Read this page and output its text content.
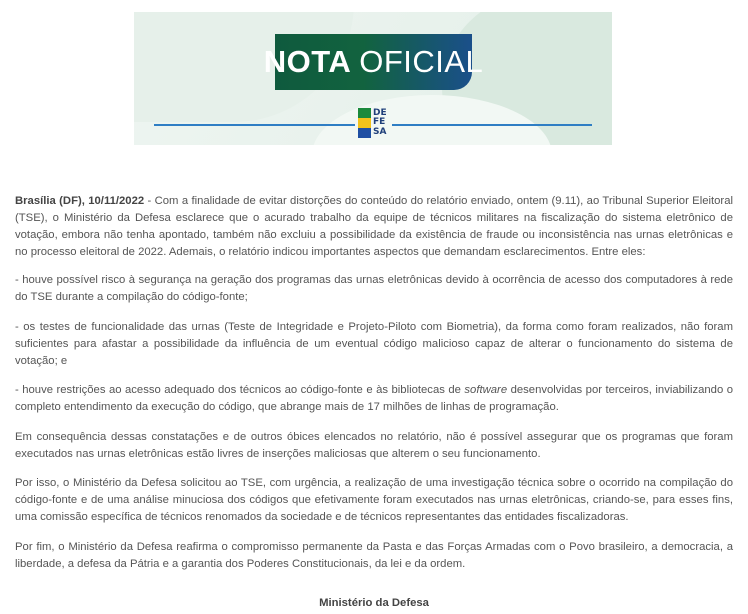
NOTA OFICIAL
DE
FE
SA

Brasília (DF), 10/11/2022 - Com a finalidade de evitar distorções do conteúdo do relatório enviado, ontem (9.11), ao Tribunal Superior Eleitoral (TSE), o Ministério da Defesa esclarece que o acurado trabalho da equipe de técnicos militares na fiscalização do sistema eletrônico de votação, embora não tenha apontado, também não excluiu a possibilidade da existência de fraude ou inconsistência nas urnas eletrônicas e no processo eleitoral de 2022. Ademais, o relatório indicou importantes aspectos que demandam esclarecimentos. Entre eles:

- houve possível risco à segurança na geração dos programas das urnas eletrônicas devido à ocorrência de acesso dos computadores à rede do TSE durante a compilação do código-fonte;

- os testes de funcionalidade das urnas (Teste de Integridade e Projeto-Piloto com Biometria), da forma como foram realizados, não foram suficientes para afastar a possibilidade da influência de um eventual código malicioso capaz de alterar o funcionamento do sistema de votação; e

- houve restrições ao acesso adequado dos técnicos ao código-fonte e às bibliotecas de software desenvolvidas por terceiros, inviabilizando o completo entendimento da execução do código, que abrange mais de 17 milhões de linhas de programação.

Em consequência dessas constatações e de outros óbices elencados no relatório, não é possível assegurar que os programas que foram executados nas urnas eletrônicas estão livres de inserções maliciosas que alterem o seu funcionamento.

Por isso, o Ministério da Defesa solicitou ao TSE, com urgência, a realização de uma investigação técnica sobre o ocorrido na compilação do código-fonte e de uma análise minuciosa dos códigos que efetivamente foram executados nas urnas eletrônicas, criando-se, para esses fins, uma comissão específica de técnicos renomados da sociedade e de técnicos representantes das entidades fiscalizadoras.

Por fim, o Ministério da Defesa reafirma o compromisso permanente da Pasta e das Forças Armadas com o Povo brasileiro, a democracia, a liberdade, a defesa da Pátria e a garantia dos Poderes Constitucionais, da lei e da ordem.

Ministério da Defesa
